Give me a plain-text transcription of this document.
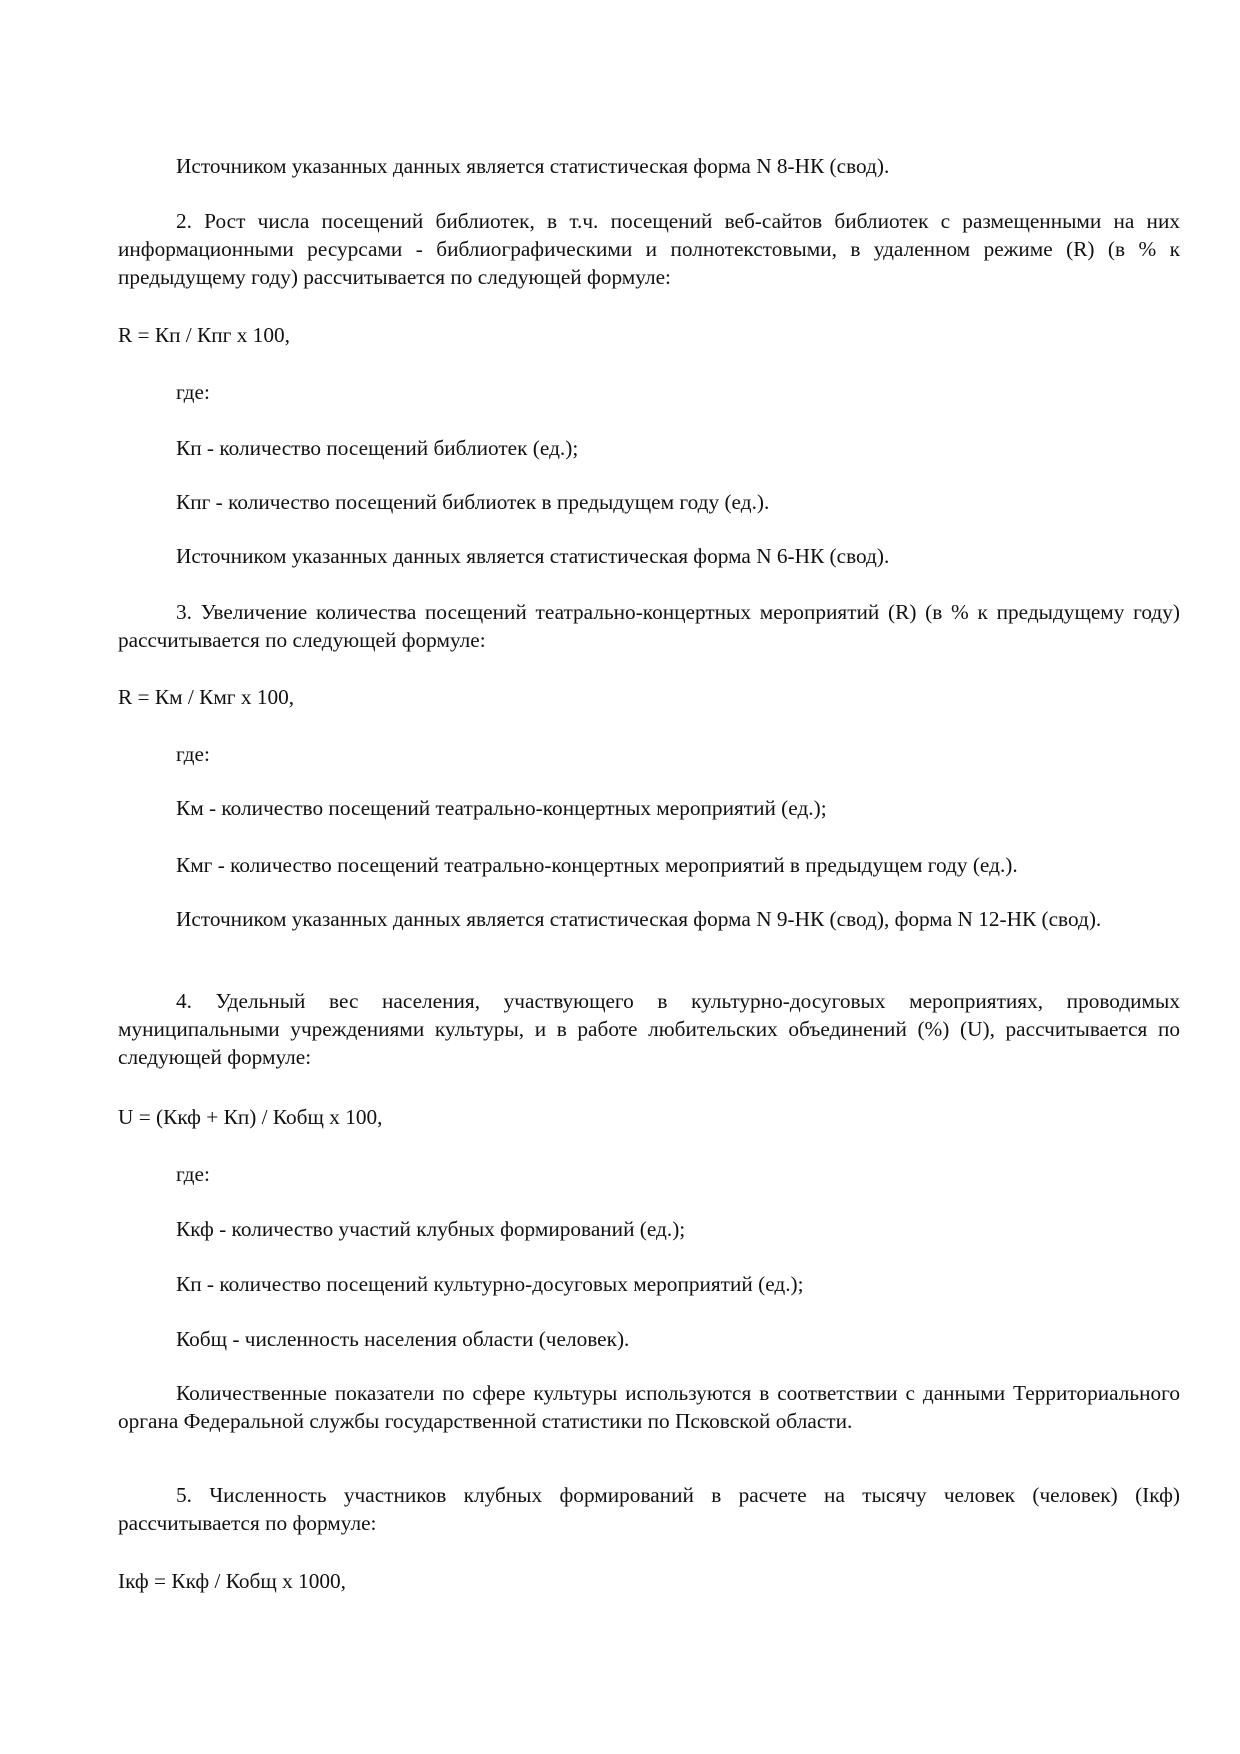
Источником указанных данных является статистическая форма N 8-НК (свод).

2. Рост числа посещений библиотек, в т.ч. посещений веб-сайтов библиотек с размещенными на них информационными ресурсами - библиографическими и полнотекстовыми, в удаленном режиме (R) (в % к предыдущему году) рассчитывается по следующей формуле:

R = Кп / Кпг х 100,

где:

Кп - количество посещений библиотек (ед.);

Кпг - количество посещений библиотек в предыдущем году (ед.).

Источником указанных данных является статистическая форма N 6-НК (свод).

3. Увеличение количества посещений театрально-концертных мероприятий (R) (в % к предыдущему году) рассчитывается по следующей формуле:

R = Км / Кмг х 100,

где:

Км - количество посещений театрально-концертных мероприятий (ед.);

Кмг - количество посещений театрально-концертных мероприятий в предыдущем году (ед.).

Источником указанных данных является статистическая форма N 9-НК (свод), форма N 12-НК (свод).

4. Удельный вес населения, участвующего в культурно-досуговых мероприятиях, проводимых муниципальными учреждениями культуры, и в работе любительских объединений (%) (U), рассчитывается по следующей формуле:

U = (Ккф + Кп) / Кобщ х 100,

где:

Ккф - количество участий клубных формирований (ед.);

Кп - количество посещений культурно-досуговых мероприятий (ед.);

Кобщ - численность населения области (человек).

Количественные показатели по сфере культуры используются в соответствии с данными Территориального органа Федеральной службы государственной статистики по Псковской области.

5. Численность участников клубных формирований в расчете на тысячу человек (человек) (Iкф) рассчитывается по формуле:

Iкф = Ккф / Кобщ х 1000,
